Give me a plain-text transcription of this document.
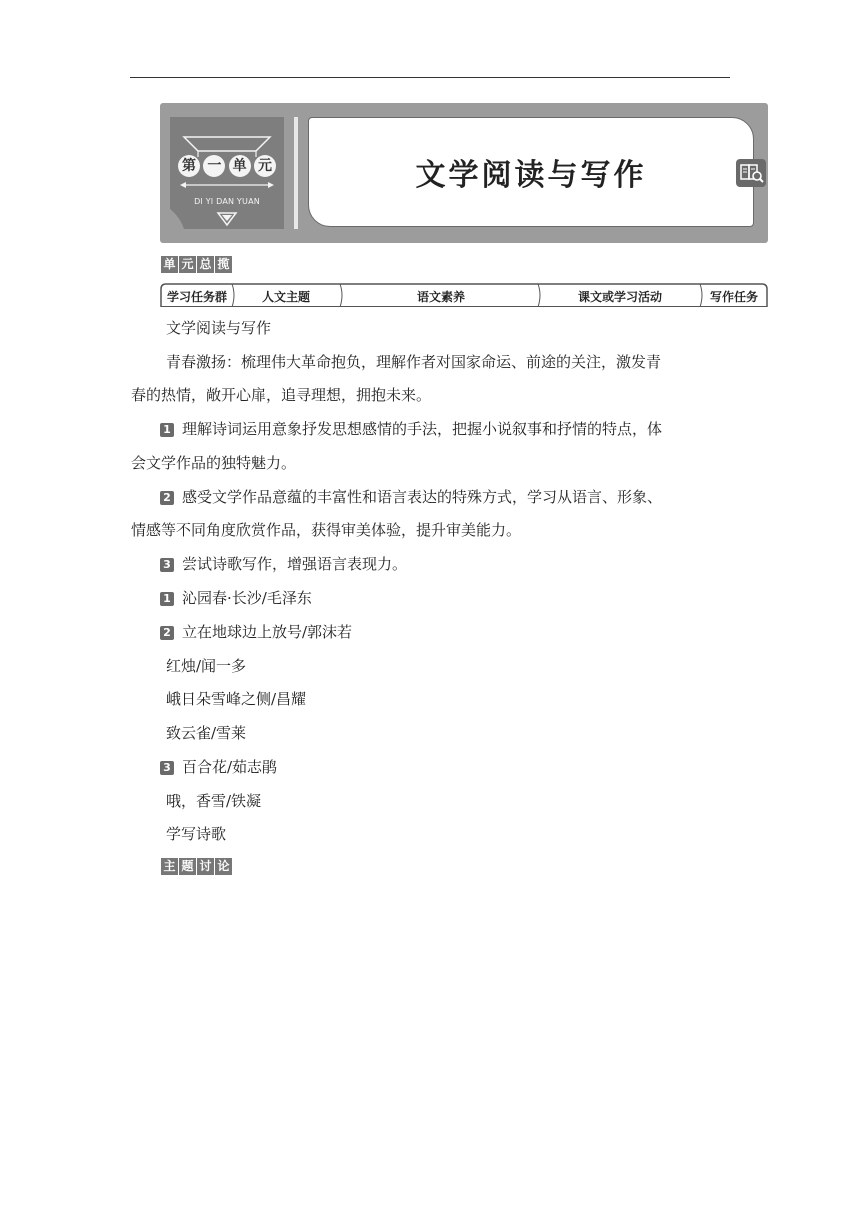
第 一 单 元
DI YI DAN YUAN
文学阅读与写作
单 元 总 揽
学习任务群	人文主题	语文素养	课文或学习活动	写作任务
文学阅读与写作
青春激扬：梳理伟大革命抱负，理解作者对国家命运、前途的关注，激发青
春的热情，敞开心扉，追寻理想，拥抱未来。
1 理解诗词运用意象抒发思想感情的手法，把握小说叙事和抒情的特点，体
会文学作品的独特魅力。
2 感受文学作品意蕴的丰富性和语言表达的特殊方式，学习从语言、形象、
情感等不同角度欣赏作品，获得审美体验，提升审美能力。
3 尝试诗歌写作，增强语言表现力。
1 沁园春·长沙/毛泽东
2 立在地球边上放号/郭沫若
红烛/闻一多
峨日朵雪峰之侧/昌耀
致云雀/雪莱
3 百合花/茹志鹃
哦，香雪/铁凝
学写诗歌
主 题 讨 论
